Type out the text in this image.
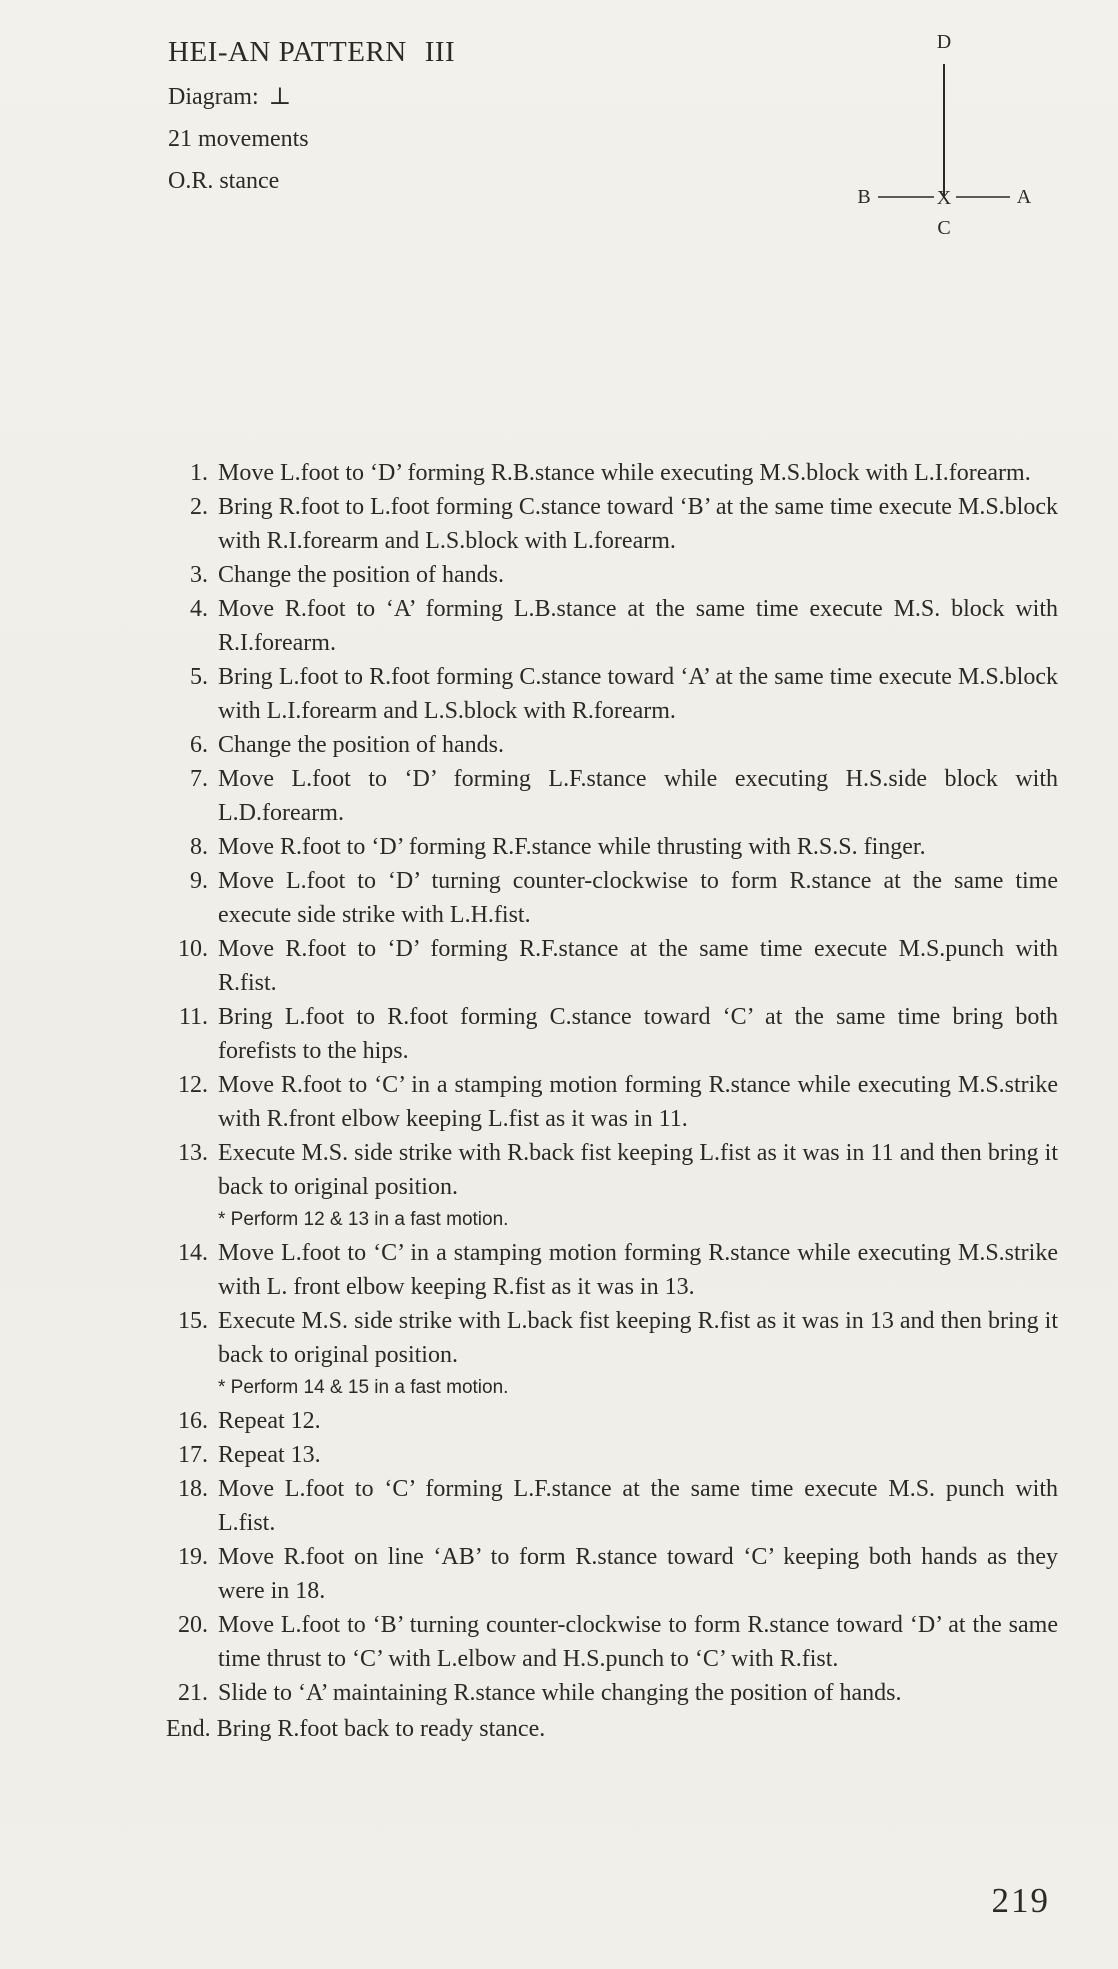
HEI-AN PATTERN III
Diagram: ⊥
21 movements
O.R. stance
D
B	X	A
C
1. Move L.foot to ‘D’ forming R.B.stance while executing M.S.block with L.I.forearm.
2. Bring R.foot to L.foot forming C.stance toward ‘B’ at the same time execute M.S.block with R.I.forearm and L.S.block with L.forearm.
3. Change the position of hands.
4. Move R.foot to ‘A’ forming L.B.stance at the same time execute M.S. block with R.I.forearm.
5. Bring L.foot to R.foot forming C.stance toward ‘A’ at the same time execute M.S.block with L.I.forearm and L.S.block with R.forearm.
6. Change the position of hands.
7. Move L.foot to ‘D’ forming L.F.stance while executing H.S.side block with L.D.forearm.
8. Move R.foot to ‘D’ forming R.F.stance while thrusting with R.S.S. finger.
9. Move L.foot to ‘D’ turning counter-clockwise to form R.stance at the same time execute side strike with L.H.fist.
10. Move R.foot to ‘D’ forming R.F.stance at the same time execute M.S.punch with R.fist.
11. Bring L.foot to R.foot forming C.stance toward ‘C’ at the same time bring both forefists to the hips.
12. Move R.foot to ‘C’ in a stamping motion forming R.stance while executing M.S.strike with R.front elbow keeping L.fist as it was in 11.
13. Execute M.S. side strike with R.back fist keeping L.fist as it was in 11 and then bring it back to original position.
* Perform 12 & 13 in a fast motion.
14. Move L.foot to ‘C’ in a stamping motion forming R.stance while executing M.S.strike with L. front elbow keeping R.fist as it was in 13.
15. Execute M.S. side strike with L.back fist keeping R.fist as it was in 13 and then bring it back to original position.
* Perform 14 & 15 in a fast motion.
16. Repeat 12.
17. Repeat 13.
18. Move L.foot to ‘C’ forming L.F.stance at the same time execute M.S. punch with L.fist.
19. Move R.foot on line ‘AB’ to form R.stance toward ‘C’ keeping both hands as they were in 18.
20. Move L.foot to ‘B’ turning counter-clockwise to form R.stance toward ‘D’ at the same time thrust to ‘C’ with L.elbow and H.S.punch to ‘C’ with R.fist.
21. Slide to ‘A’ maintaining R.stance while changing the position of hands.
End. Bring R.foot back to ready stance.
219
